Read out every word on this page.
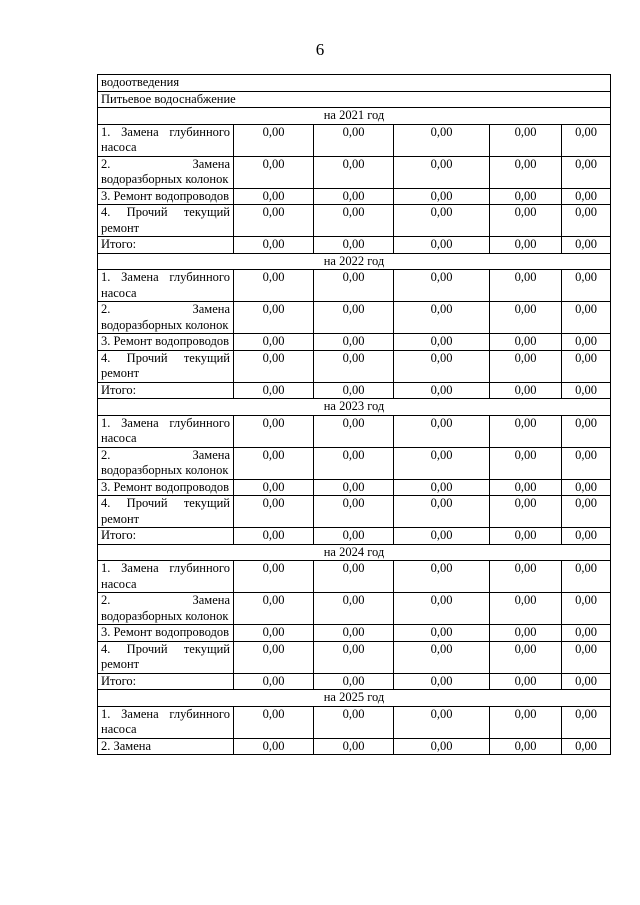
6
водоотведения					
Питьевое водоснабжение					
на 2021 год					
1. Замена глубинного насоса	0,00	0,00	0,00	0,00	0,00
2. Замена водоразборных колонок	0,00	0,00	0,00	0,00	0,00
3. Ремонт водопроводов	0,00	0,00	0,00	0,00	0,00
4. Прочий текущий ремонт	0,00	0,00	0,00	0,00	0,00
Итого:	0,00	0,00	0,00	0,00	0,00
на 2022 год					
1. Замена глубинного насоса	0,00	0,00	0,00	0,00	0,00
2. Замена водоразборных колонок	0,00	0,00	0,00	0,00	0,00
3. Ремонт водопроводов	0,00	0,00	0,00	0,00	0,00
4. Прочий текущий ремонт	0,00	0,00	0,00	0,00	0,00
Итого:	0,00	0,00	0,00	0,00	0,00
на 2023 год					
1. Замена глубинного насоса	0,00	0,00	0,00	0,00	0,00
2. Замена водоразборных колонок	0,00	0,00	0,00	0,00	0,00
3. Ремонт водопроводов	0,00	0,00	0,00	0,00	0,00
4. Прочий текущий ремонт	0,00	0,00	0,00	0,00	0,00
Итого:	0,00	0,00	0,00	0,00	0,00
на 2024 год					
1. Замена глубинного насоса	0,00	0,00	0,00	0,00	0,00
2. Замена водоразборных колонок	0,00	0,00	0,00	0,00	0,00
3. Ремонт водопроводов	0,00	0,00	0,00	0,00	0,00
4. Прочий текущий ремонт	0,00	0,00	0,00	0,00	0,00
Итого:	0,00	0,00	0,00	0,00	0,00
на 2025 год					
1. Замена глубинного насоса	0,00	0,00	0,00	0,00	0,00
2. Замена	0,00	0,00	0,00	0,00	0,00
